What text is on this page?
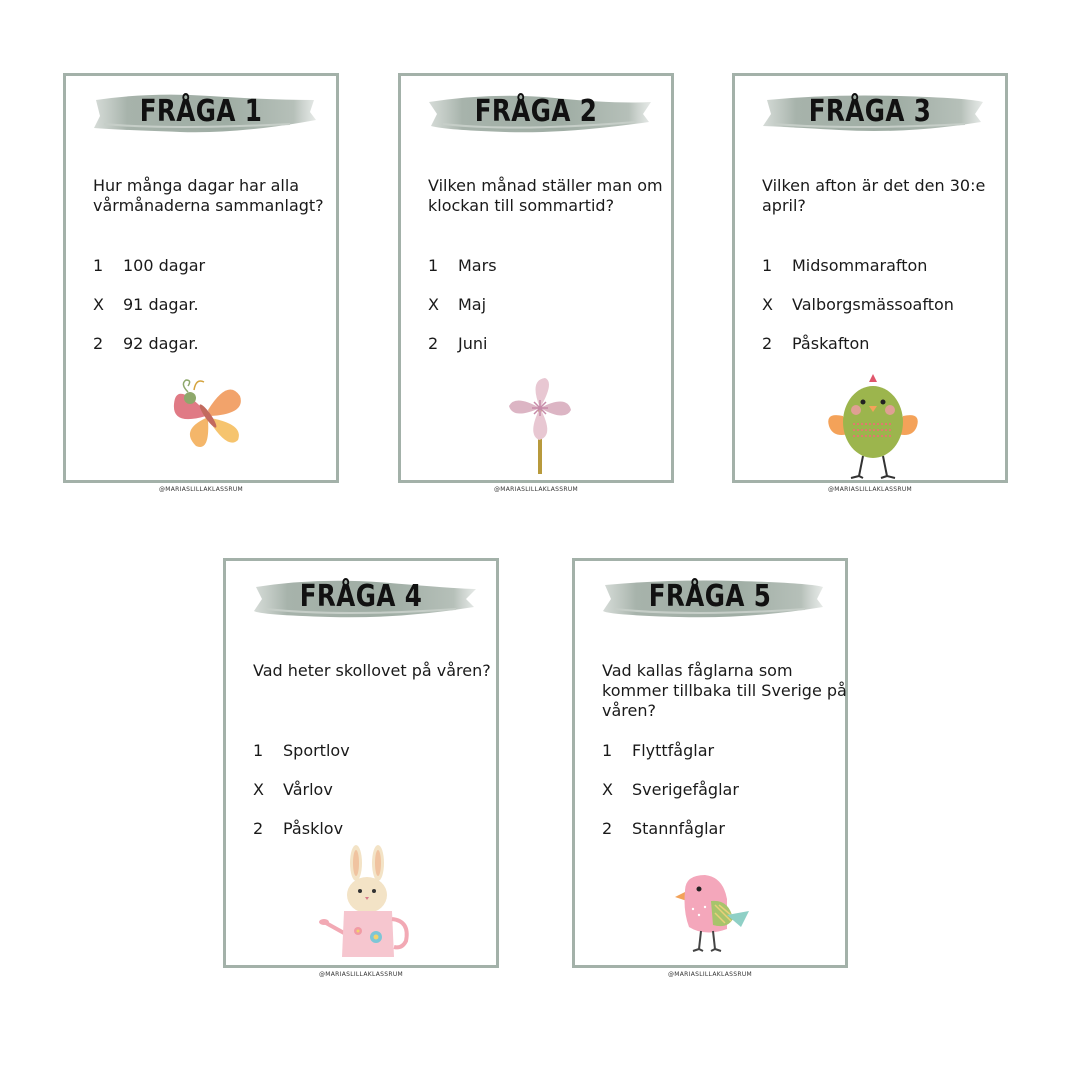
FRÅGA 1
Hur många dagar har alla vårmånaderna sammanlagt?
1 100 dagar
X 91 dagar.
2 92 dagar.
@MARIASLILLAKLASSRUM
FRÅGA 2
Vilken månad ställer man om klockan till sommartid?
1 Mars
X Maj
2 Juni
@MARIASLILLAKLASSRUM
FRÅGA 3
Vilken afton är det den 30:e april?
1 Midsommarafton
X Valborgsmässoafton
2 Påskafton
@MARIASLILLAKLASSRUM
FRÅGA 4
Vad heter skollovet på våren?
1 Sportlov
X Vårlov
2 Påsklov
@MARIASLILLAKLASSRUM
FRÅGA 5
Vad kallas fåglarna som kommer tillbaka till Sverige på våren?
1 Flyttfåglar
X Sverigefåglar
2 Stannfåglar
@MARIASLILLAKLASSRUM
